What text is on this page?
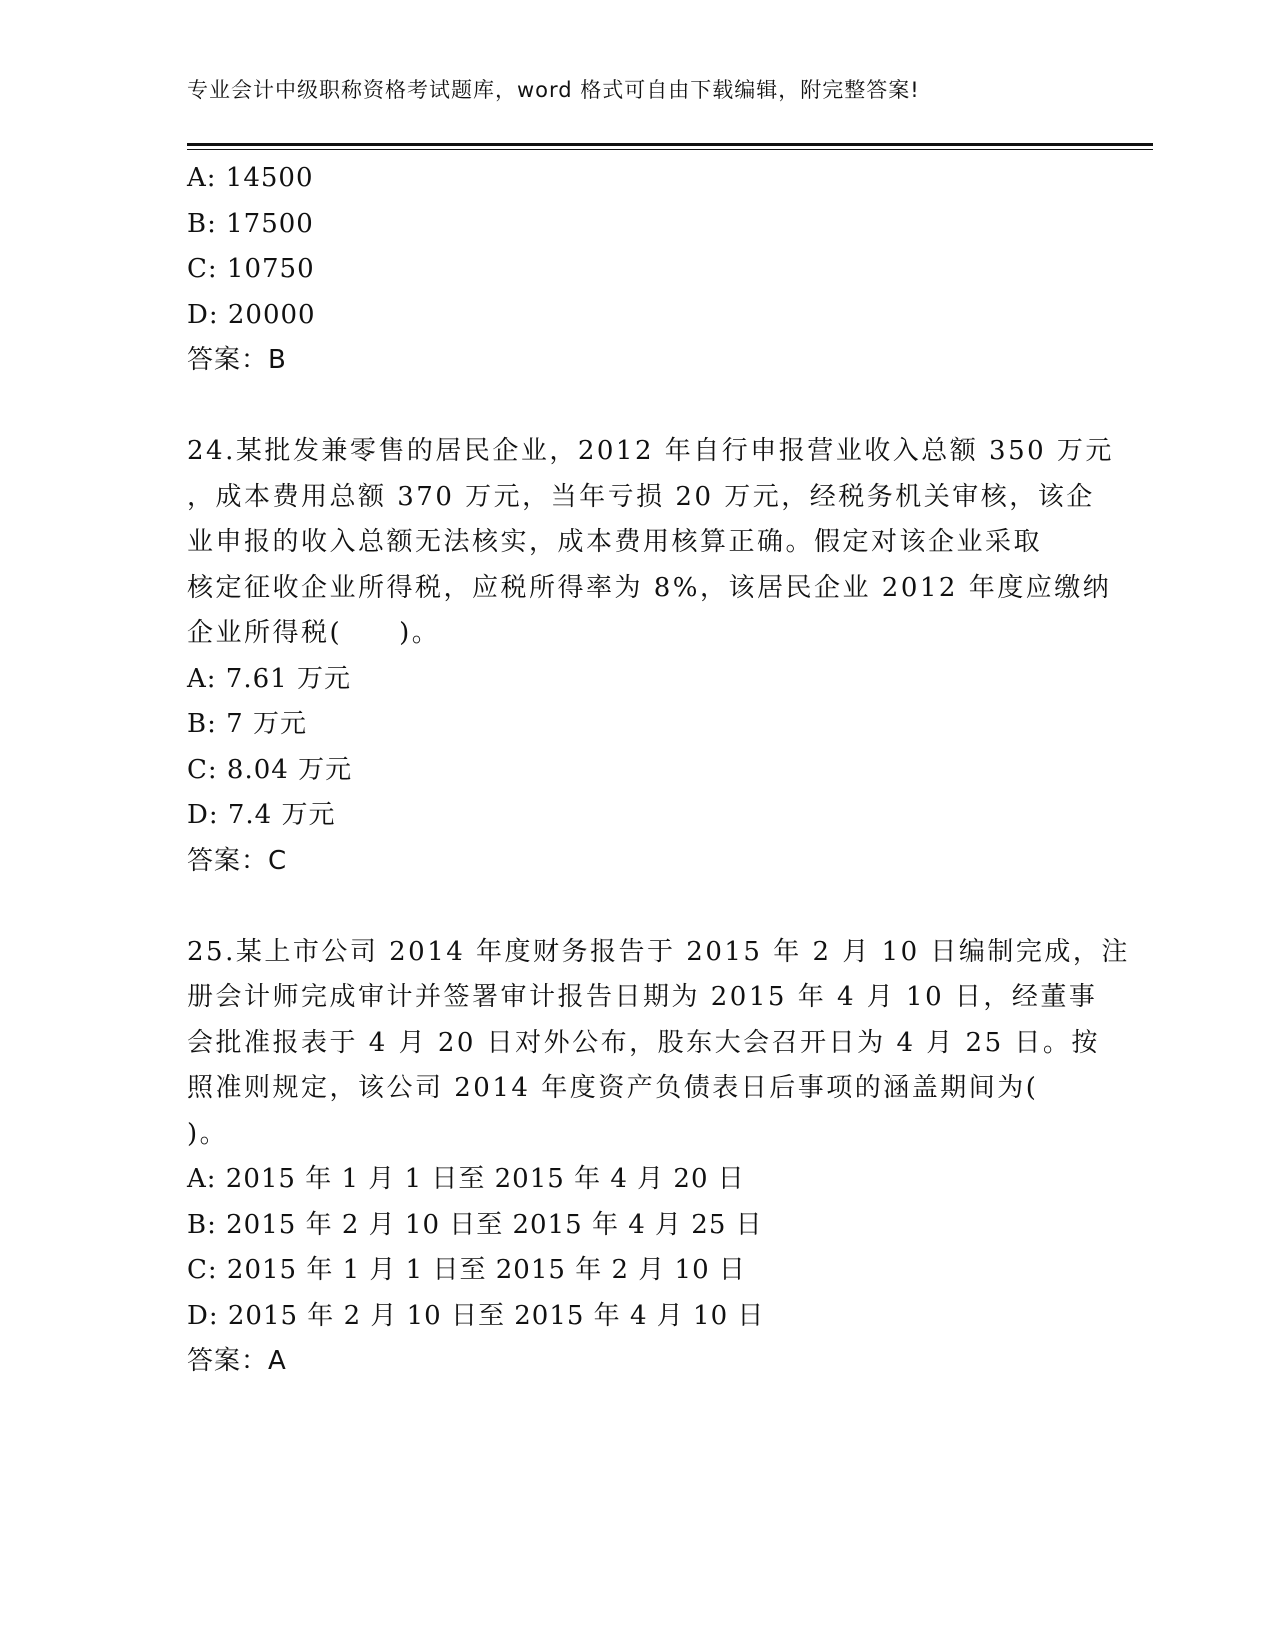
专业会计中级职称资格考试题库，word 格式可自由下载编辑，附完整答案!
A: 14500
B: 17500
C: 10750
D: 20000
答案：B
24.某批发兼零售的居民企业，2012 年自行申报营业收入总额 350 万元
，成本费用总额 370 万元，当年亏损 20 万元，经税务机关审核，该企
业申报的收入总额无法核实，成本费用核算正确。假定对该企业采取
核定征收企业所得税，应税所得率为 8%，该居民企业 2012 年度应缴纳
企业所得税(　　)。
A: 7.61 万元
B: 7 万元
C: 8.04 万元
D: 7.4 万元
答案：C
25.某上市公司 2014 年度财务报告于 2015 年 2 月 10 日编制完成，注
册会计师完成审计并签署审计报告日期为 2015 年 4 月 10 日，经董事
会批准报表于 4 月 20 日对外公布，股东大会召开日为 4 月 25 日。按
照准则规定，该公司 2014 年度资产负债表日后事项的涵盖期间为(
)。
A: 2015 年 1 月 1 日至 2015 年 4 月 20 日
B: 2015 年 2 月 10 日至 2015 年 4 月 25 日
C: 2015 年 1 月 1 日至 2015 年 2 月 10 日
D: 2015 年 2 月 10 日至 2015 年 4 月 10 日
答案：A
